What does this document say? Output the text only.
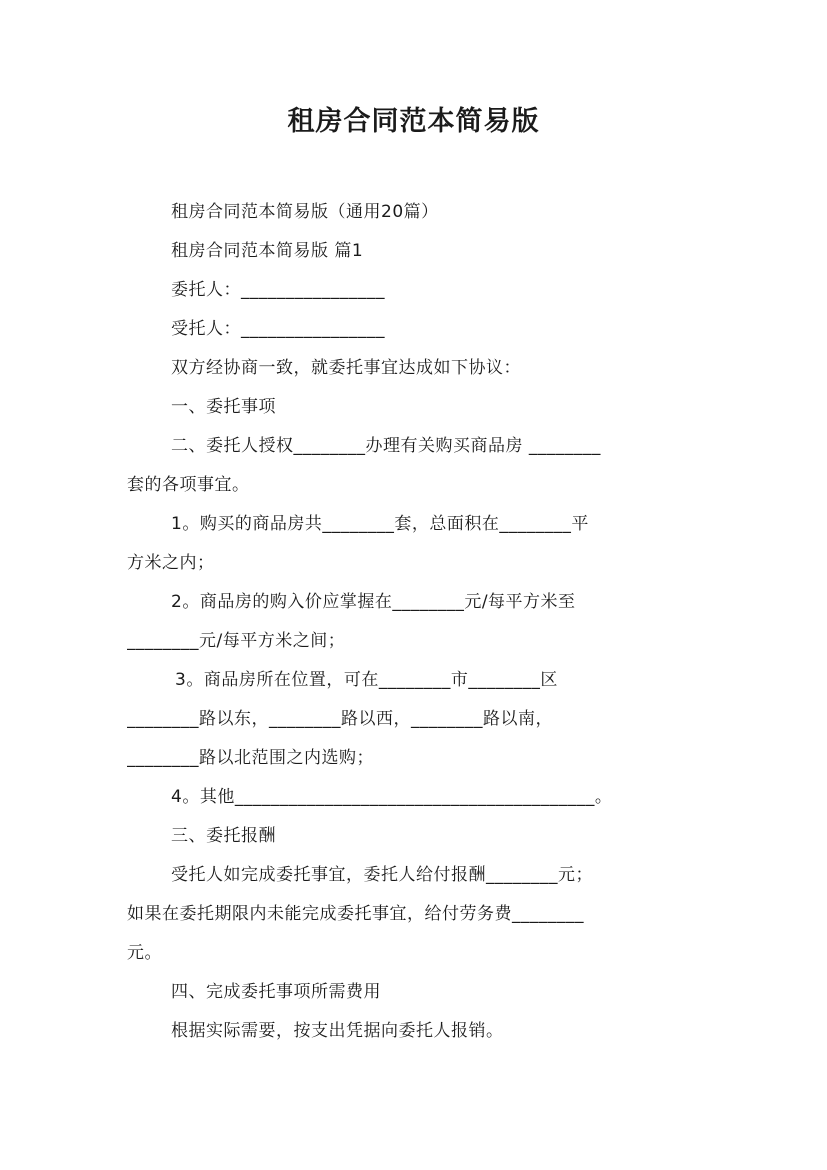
租房合同范本简易版

租房合同范本简易版（通用20篇）

租房合同范本简易版 篇1

委托人：________________

受托人：________________

双方经协商一致，就委托事宜达成如下协议：

一、委托事项

二、委托人授权________办理有关购买商品房 ________

套的各项事宜。

1。购买的商品房共________套，总面积在________平

方米之内；

2。商品房的购入价应掌握在________元/每平方米至

________元/每平方米之间；

3。商品房所在位置，可在________市________区

________路以东，________路以西，________路以南，

________路以北范围之内选购；

4。其他________________________________________。

三、委托报酬

受托人如完成委托事宜，委托人给付报酬________元；

如果在委托期限内未能完成委托事宜，给付劳务费________

元。

四、完成委托事项所需费用

根据实际需要，按支出凭据向委托人报销。
